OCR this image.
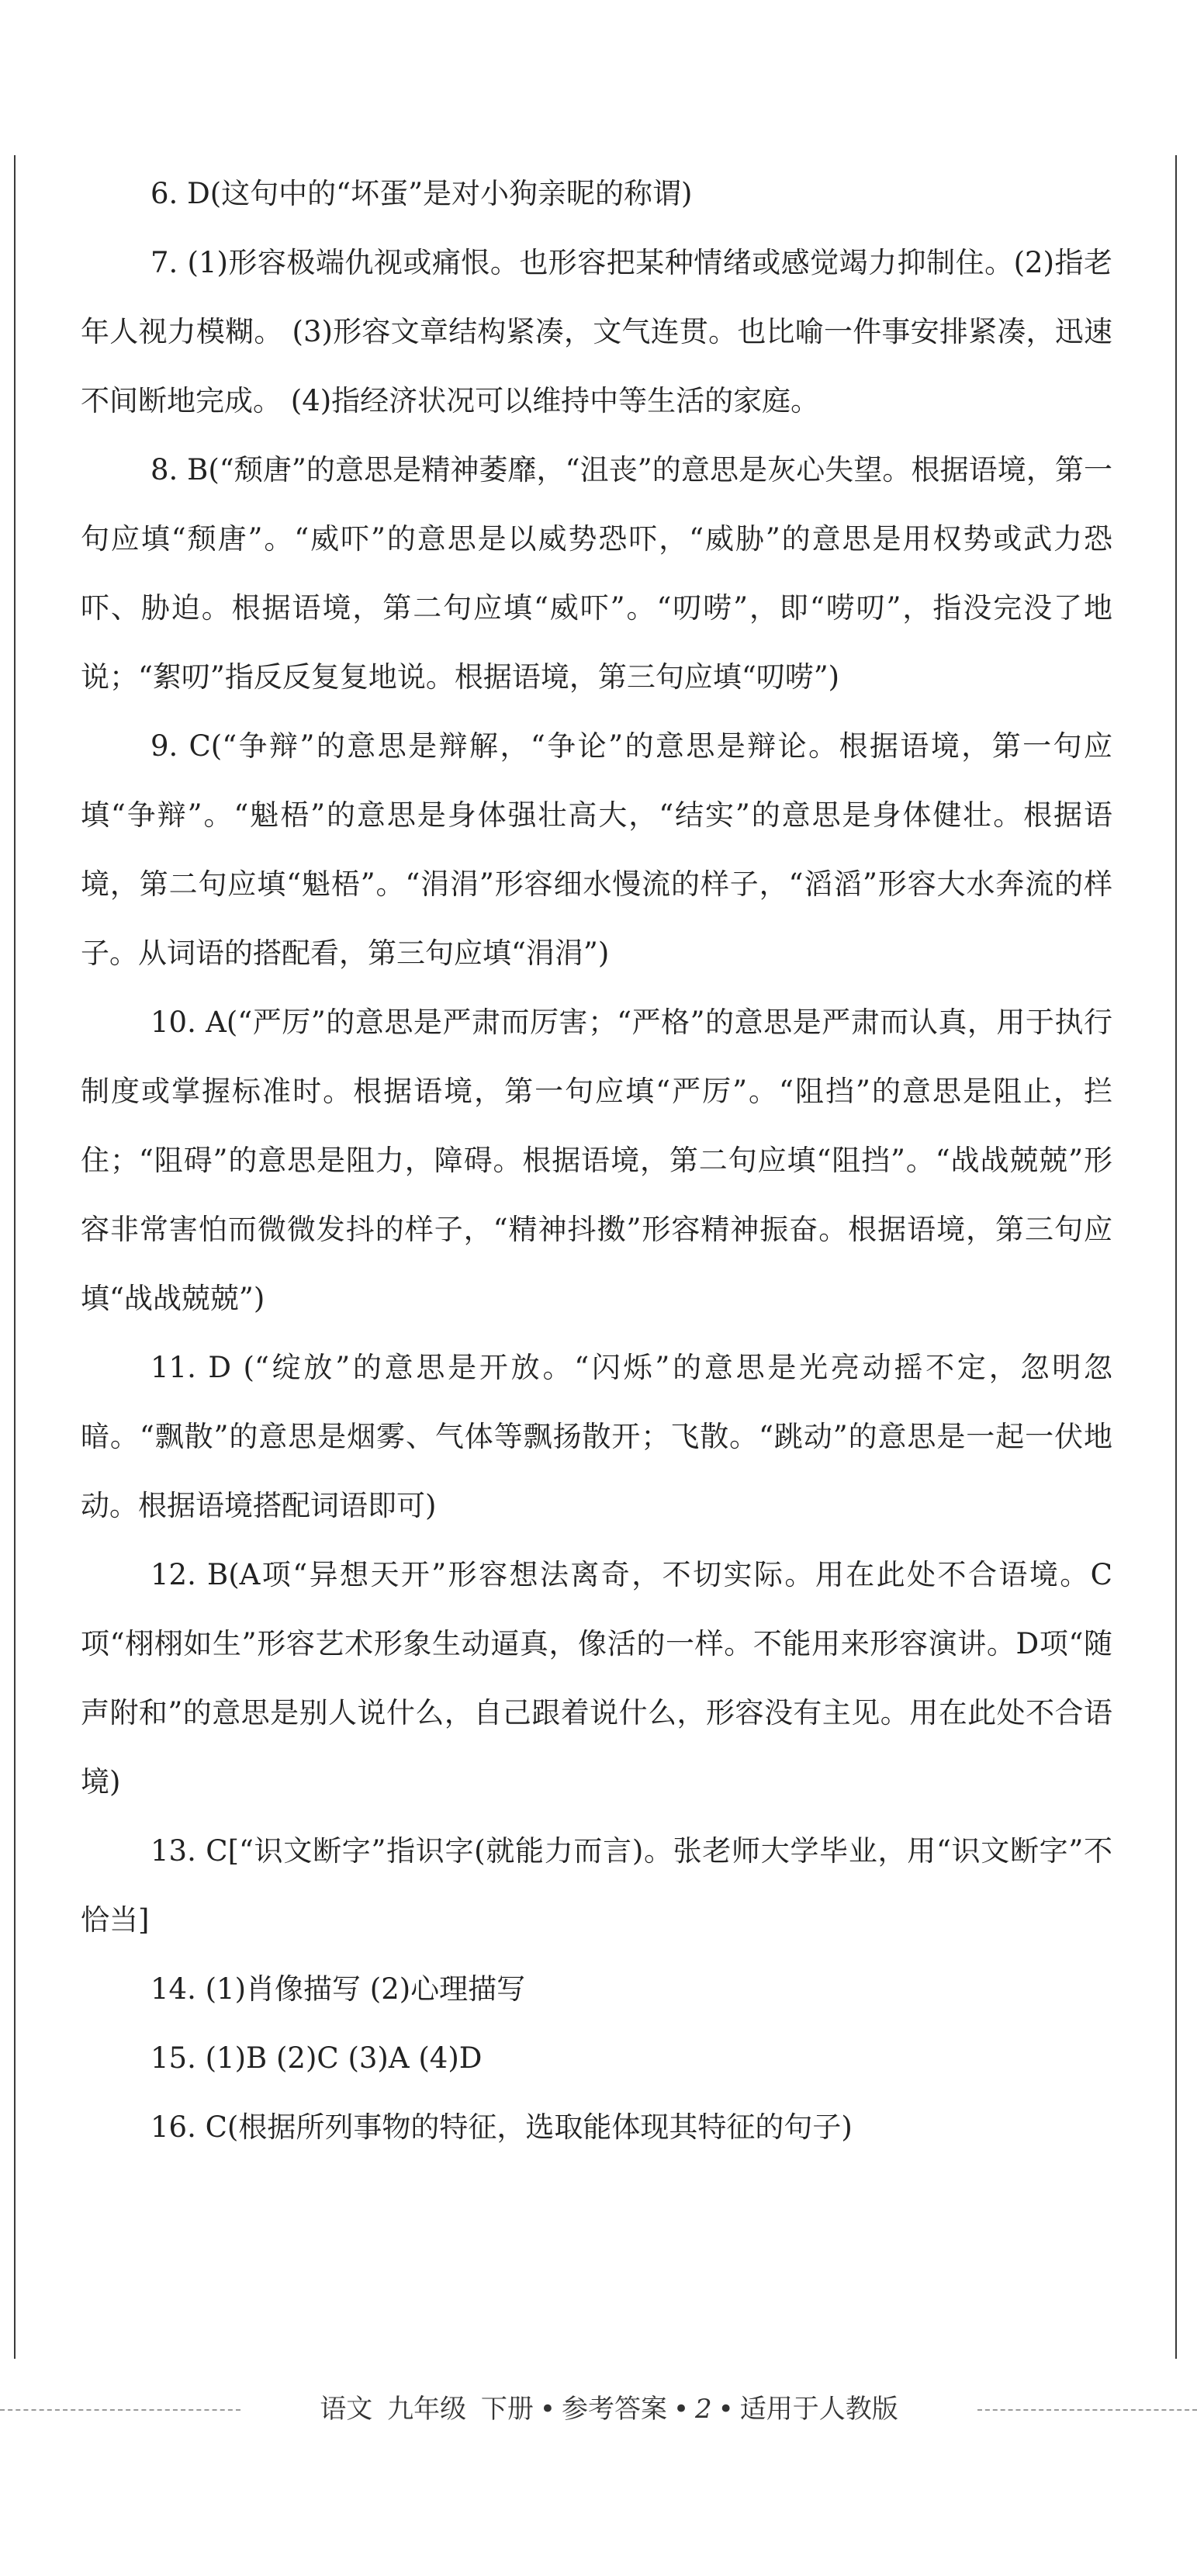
6. D(这句中的“坏蛋”是对小狗亲昵的称谓)

7. (1)形容极端仇视或痛恨。也形容把某种情绪或感觉竭力抑制住。(2)指老年人视力模糊。 (3)形容文章结构紧凑，文气连贯。也比喻一件事安排紧凑，迅速不间断地完成。 (4)指经济状况可以维持中等生活的家庭。

8. B(“颓唐”的意思是精神萎靡，“沮丧”的意思是灰心失望。根据语境，第一句应填“颓唐”。“威吓”的意思是以威势恐吓，“威胁”的意思是用权势或武力恐吓、胁迫。根据语境，第二句应填“威吓”。“叨唠”，即“唠叨”，指没完没了地说；“絮叨”指反反复复地说。根据语境，第三句应填“叨唠”)

9. C(“争辩”的意思是辩解，“争论”的意思是辩论。根据语境，第一句应填“争辩”。“魁梧”的意思是身体强壮高大，“结实”的意思是身体健壮。根据语境，第二句应填“魁梧”。“涓涓”形容细水慢流的样子，“滔滔”形容大水奔流的样子。从词语的搭配看，第三句应填“涓涓”)

10. A(“严厉”的意思是严肃而厉害；“严格”的意思是严肃而认真，用于执行制度或掌握标准时。根据语境，第一句应填“严厉”。“阻挡”的意思是阻止，拦住；“阻碍”的意思是阻力，障碍。根据语境，第二句应填“阻挡”。“战战兢兢”形容非常害怕而微微发抖的样子，“精神抖擞”形容精神振奋。根据语境，第三句应填“战战兢兢”)

11. D (“绽放”的意思是开放。“闪烁”的意思是光亮动摇不定，忽明忽暗。“飘散”的意思是烟雾、气体等飘扬散开；飞散。“跳动”的意思是一起一伏地动。根据语境搭配词语即可)

12. B(A项“异想天开”形容想法离奇，不切实际。用在此处不合语境。C项“栩栩如生”形容艺术形象生动逼真，像活的一样。不能用来形容演讲。D项“随声附和”的意思是别人说什么，自己跟着说什么，形容没有主见。用在此处不合语境)

13. C[“识文断字”指识字(就能力而言)。张老师大学毕业，用“识文断字”不恰当]

14. (1)肖像描写 (2)心理描写

15. (1)B (2)C (3)A (4)D

16. C(根据所列事物的特征，选取能体现其特征的句子)

语文 九年级 下册 • 参考答案 • 2 • 适用于人教版
